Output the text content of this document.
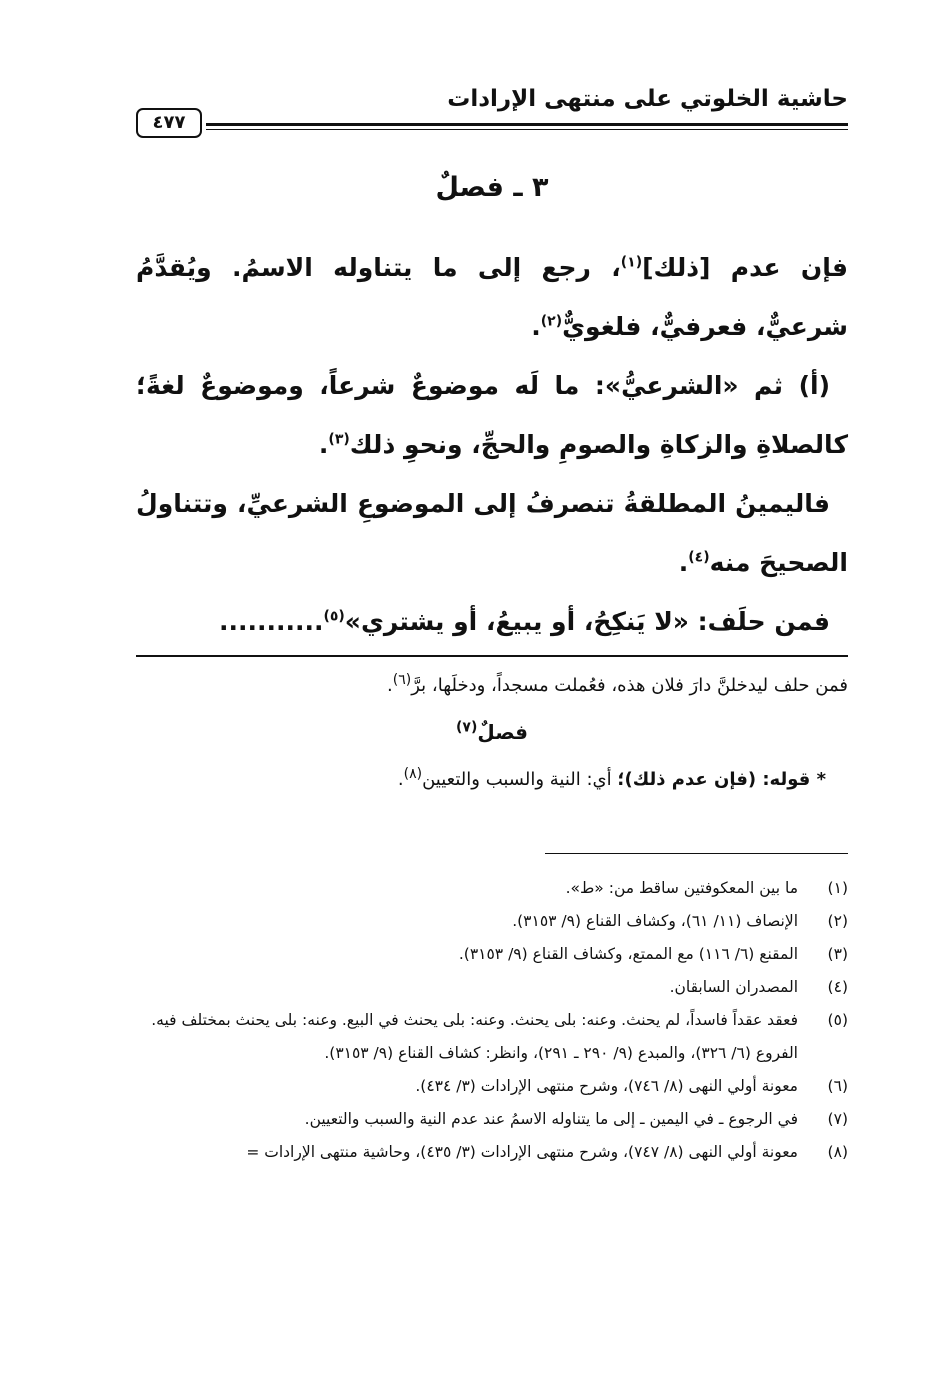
حاشية الخلوتي على منتهى الإرادات
٤٧٧
٣ ـ فصلٌ

فإن عدم [ذلك]$^{(١)}$، رجع إلى ما يتناوله الاسمُ. ويُقدَّمُ شرعيٌّ، فعرفيٌّ، فلغويٌّ$^{(٢)}$.

(أ) ثم «الشرعيُّ»: ما لَه موضوعٌ شرعاً، وموضوعٌ لغةً؛ كالصلاةِ والزكاةِ والصومِ والحجِّ، ونحوِ ذلك$^{(٣)}$.

فاليمينُ المطلقةُ تنصرفُ إلى الموضوعِ الشرعيِّ، وتتناولُ الصحيحَ منه$^{(٤)}$.

فمن حلَف: «لا يَنكِحُ، أو يبيعُ، أو يشتري»$^{(٥)}$...........

فمن حلف ليدخلنَّ دارَ فلان هذه، فعُملت مسجداً، ودخلَها، برَّ$^{(٦)}$.

فصلٌ$^{(٧)}$

* قوله: (فإن عدم ذلك)؛ أي: النية والسبب والتعيين$^{(٨)}$.

(١)
ما بين المعكوفتين ساقط من: «ط».
(٢)
الإنصاف (١١/ ٦١)، وكشاف القناع (٩/ ٣١٥٣).
(٣)
المقنع (٦/ ١١٦) مع الممتع، وكشاف القناع (٩/ ٣١٥٣).
(٤)
المصدران السابقان.
(٥)
فعقد عقداً فاسداً، لم يحنث. وعنه: بلى يحنث. وعنه: بلى يحنث في البيع. وعنه: بلى يحنث بمختلف فيه.
الفروع (٦/ ٣٢٦)، والمبدع (٩/ ٢٩٠ ـ ٢٩١)، وانظر: كشاف القناع (٩/ ٣١٥٣).
(٦)
معونة أولي النهى (٨/ ٧٤٦)، وشرح منتهى الإرادات (٣/ ٤٣٤).
(٧)
في الرجوع ـ في اليمين ـ إلى ما يتناوله الاسمُ عند عدم النية والسبب والتعيين.
(٨)
معونة أولي النهى (٨/ ٧٤٧)، وشرح منتهى الإرادات (٣/ ٤٣٥)، وحاشية منتهى الإرادات =
